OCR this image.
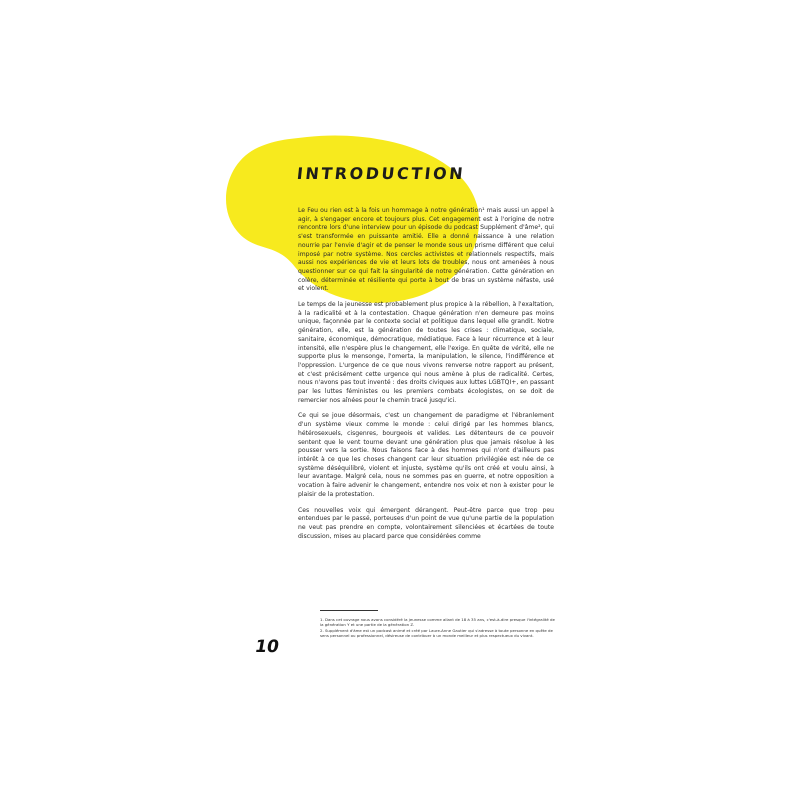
INTRODUCTION

Le Feu ou rien est à la fois un hommage à notre génération¹ mais aussi un appel à agir, à s'engager encore et toujours plus. Cet engagement est à l'origine de notre rencontre lors d'une interview pour un épisode du podcast Supplément d'âme², qui s'est transformée en puissante amitié. Elle a donné naissance à une relation nourrie par l'envie d'agir et de penser le monde sous un prisme différent que celui imposé par notre système. Nos cercles activistes et relationnels respectifs, mais aussi nos expériences de vie et leurs lots de troubles, nous ont amenées à nous questionner sur ce qui fait la singularité de notre génération. Cette génération en colère, déterminée et résiliente qui porte à bout de bras un système néfaste, usé et violent.

Le temps de la jeunesse est probablement plus propice à la rébellion, à l'exaltation, à la radicalité et à la contestation. Chaque génération n'en demeure pas moins unique, façonnée par le contexte social et politique dans lequel elle grandit. Notre génération, elle, est la génération de toutes les crises : climatique, sociale, sanitaire, économique, démocratique, médiatique. Face à leur récurrence et à leur intensité, elle n'espère plus le changement, elle l'exige. En quête de vérité, elle ne supporte plus le mensonge, l'omerta, la manipulation, le silence, l'indifférence et l'oppression. L'urgence de ce que nous vivons renverse notre rapport au présent, et c'est précisément cette urgence qui nous amène à plus de radicalité. Certes, nous n'avons pas tout inventé : des droits civiques aux luttes LGBTQI+, en passant par les luttes féministes ou les premiers combats écologistes, on se doit de remercier nos aînées pour le chemin tracé jusqu'ici.

Ce qui se joue désormais, c'est un changement de paradigme et l'ébranlement d'un système vieux comme le monde : celui dirigé par les hommes blancs, hétérosexuels, cisgenres, bourgeois et valides. Les détenteurs de ce pouvoir sentent que le vent tourne devant une génération plus que jamais résolue à les pousser vers la sortie. Nous faisons face à des hommes qui n'ont d'ailleurs pas intérêt à ce que les choses changent car leur situation privilégiée est née de ce système déséquilibré, violent et injuste, système qu'ils ont créé et voulu ainsi, à leur avantage. Malgré cela, nous ne sommes pas en guerre, et notre opposition a vocation à faire advenir le changement, entendre nos voix et non à exister pour le plaisir de la protestation.

Ces nouvelles voix qui émergent dérangent. Peut-être parce que trop peu entendues par le passé, porteuses d'un point de vue qu'une partie de la population ne veut pas prendre en compte, volontairement silenciées et écartées de toute discussion, mises au placard parce que considérées comme

1. Dans cet ouvrage nous avons considéré la jeunesse comme allant de 18 à 35 ans, c'est-à-dire presque l'intégralité de la génération Y et une partie de la génération Z.

2. Supplément d'âme est un podcast animé et créé par Laure-Anne Gautier qui s'adresse à toute personne en quête de sens personnel ou professionnel, désireuse de contribuer à un monde meilleur et plus respectueux du vivant.

10
